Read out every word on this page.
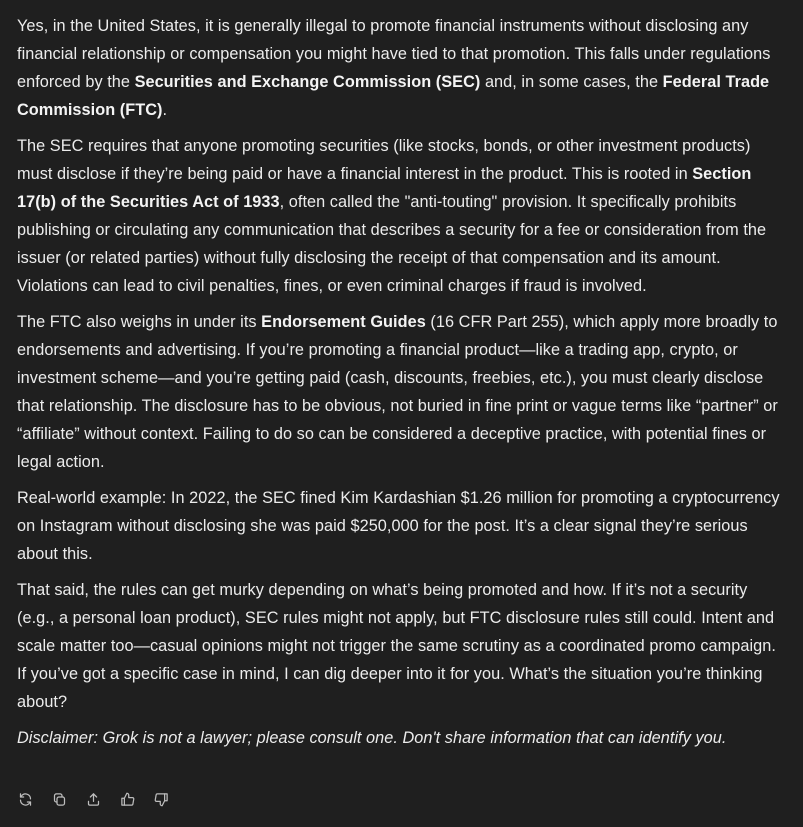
Yes, in the United States, it is generally illegal to promote financial instruments without disclosing any financial relationship or compensation you might have tied to that promotion. This falls under regulations enforced by the Securities and Exchange Commission (SEC) and, in some cases, the Federal Trade Commission (FTC).

The SEC requires that anyone promoting securities (like stocks, bonds, or other investment products) must disclose if they’re being paid or have a financial interest in the product. This is rooted in Section 17(b) of the Securities Act of 1933, often called the "anti-touting" provision. It specifically prohibits publishing or circulating any communication that describes a security for a fee or consideration from the issuer (or related parties) without fully disclosing the receipt of that compensation and its amount. Violations can lead to civil penalties, fines, or even criminal charges if fraud is involved.

The FTC also weighs in under its Endorsement Guides (16 CFR Part 255), which apply more broadly to endorsements and advertising. If you’re promoting a financial product—like a trading app, crypto, or investment scheme—and you’re getting paid (cash, discounts, freebies, etc.), you must clearly disclose that relationship. The disclosure has to be obvious, not buried in fine print or vague terms like “partner” or “affiliate” without context. Failing to do so can be considered a deceptive practice, with potential fines or legal action.

Real-world example: In 2022, the SEC fined Kim Kardashian $1.26 million for promoting a cryptocurrency on Instagram without disclosing she was paid $250,000 for the post. It’s a clear signal they’re serious about this.

That said, the rules can get murky depending on what’s being promoted and how. If it’s not a security (e.g., a personal loan product), SEC rules might not apply, but FTC disclosure rules still could. Intent and scale matter too—casual opinions might not trigger the same scrutiny as a coordinated promo campaign. If you’ve got a specific case in mind, I can dig deeper into it for you. What’s the situation you’re thinking about?

Disclaimer: Grok is not a lawyer; please consult one. Don't share information that can identify you.
